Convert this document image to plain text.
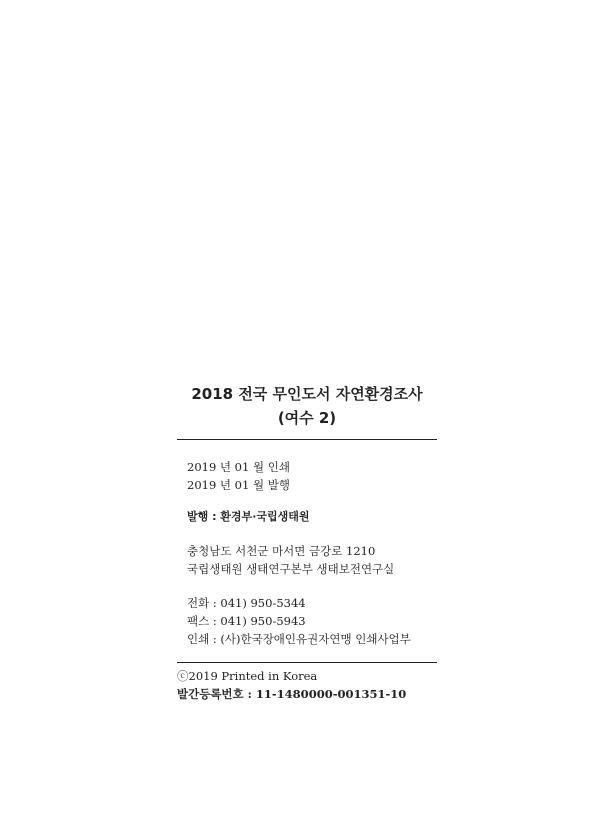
2018 전국 무인도서 자연환경조사

(여수 2)

2019 년 01 월 인쇄

2019 년 01 월 발행

발행 : 환경부·국립생태원

충청남도 서천군 마서면 금강로 1210

국립생태원 생태연구본부 생태보전연구실

전화 : 041) 950-5344

팩스 : 041) 950-5943

인쇄 : (사)한국장애인유권자연맹 인쇄사업부

ⓒ2019 Printed in Korea

발간등록번호 : 11-1480000-001351-10
